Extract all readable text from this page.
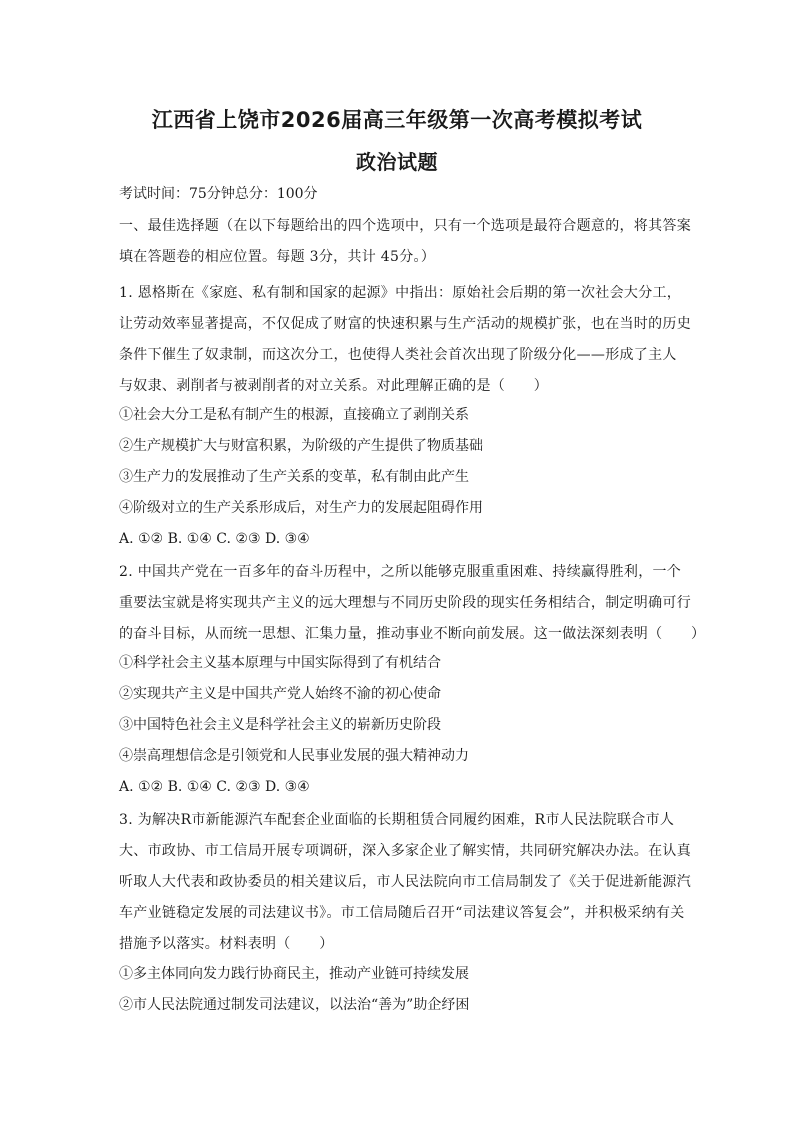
江西省上饶市2026届高三年级第一次高考模拟考试
政治试题
考试时间：75分钟总分：100分
一、最佳选择题（在以下每题给出的四个选项中，只有一个选项是最符合题意的，将其答案
填在答题卷的相应位置。每题 3分，共计 45分。）
1. 恩格斯在《家庭、私有制和国家的起源》中指出：原始社会后期的第一次社会大分工，
让劳动效率显著提高，不仅促成了财富的快速积累与生产活动的规模扩张，也在当时的历史
条件下催生了奴隶制，而这次分工，也使得人类社会首次出现了阶级分化——形成了主人
与奴隶、剥削者与被剥削者的对立关系。对此理解正确的是（　　）
①社会大分工是私有制产生的根源，直接确立了剥削关系
②生产规模扩大与财富积累，为阶级的产生提供了物质基础
③生产力的发展推动了生产关系的变革，私有制由此产生
④阶级对立的生产关系形成后，对生产力的发展起阻碍作用
A. ①② B. ①④ C. ②③ D. ③④
2. 中国共产党在一百多年的奋斗历程中，之所以能够克服重重困难、持续赢得胜利，一个
重要法宝就是将实现共产主义的远大理想与不同历史阶段的现实任务相结合，制定明确可行
的奋斗目标，从而统一思想、汇集力量，推动事业不断向前发展。这一做法深刻表明（　　）
①科学社会主义基本原理与中国实际得到了有机结合
②实现共产主义是中国共产党人始终不渝的初心使命
③中国特色社会主义是科学社会主义的崭新历史阶段
④崇高理想信念是引领党和人民事业发展的强大精神动力
A. ①② B. ①④ C. ②③ D. ③④
3. 为解决R市新能源汽车配套企业面临的长期租赁合同履约困难，R市人民法院联合市人
大、市政协、市工信局开展专项调研，深入多家企业了解实情，共同研究解决办法。在认真
听取人大代表和政协委员的相关建议后，市人民法院向市工信局制发了《关于促进新能源汽
车产业链稳定发展的司法建议书》。市工信局随后召开“司法建议答复会”，并积极采纳有关
措施予以落实。材料表明（　　）
①多主体同向发力践行协商民主，推动产业链可持续发展
②市人民法院通过制发司法建议，以法治“善为”助企纾困
